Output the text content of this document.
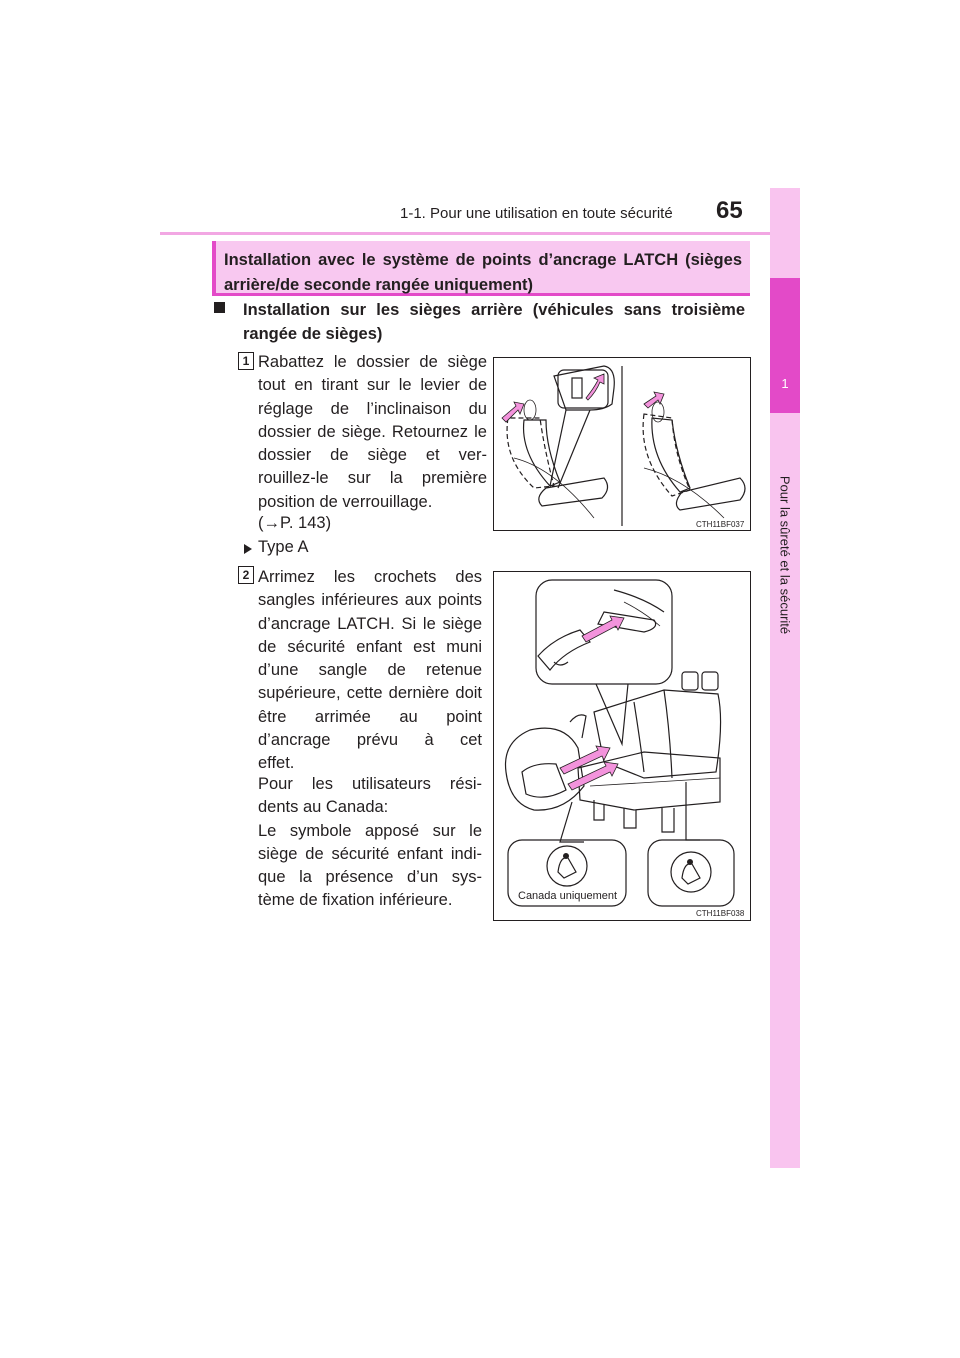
1-1. Pour une utilisation en toute sécurité 65
1
Pour la sûreté et la sécurité
Installation avec le système de points d’ancrage LATCH (sièges arrière/de seconde rangée uniquement)
Installation sur les sièges arrière (véhicules sans troisième rangée de sièges)
1 Rabattez le dossier de siège tout en tirant sur le levier de réglage de l’inclinaison du dossier de siège. Retournez le dossier de siège et ver-rouillez-le sur la première
position de verrouillage.
(→P. 143)	CTH11BF037
Type A
2 Arrimez les crochets des sangles inférieures aux points d’ancrage LATCH. Si le siège de sécurité enfant est muni d’une sangle de retenue supérieure, cette dernière doit être arrimée au point d’ancrage prévu à cet
effet.
Pour les utilisateurs rési-
dents au Canada:
Le symbole apposé sur le siège de sécurité enfant indi-que la présence d’un sys-
tème de fixation inférieure.	Canada uniquement
CTH11BF038
